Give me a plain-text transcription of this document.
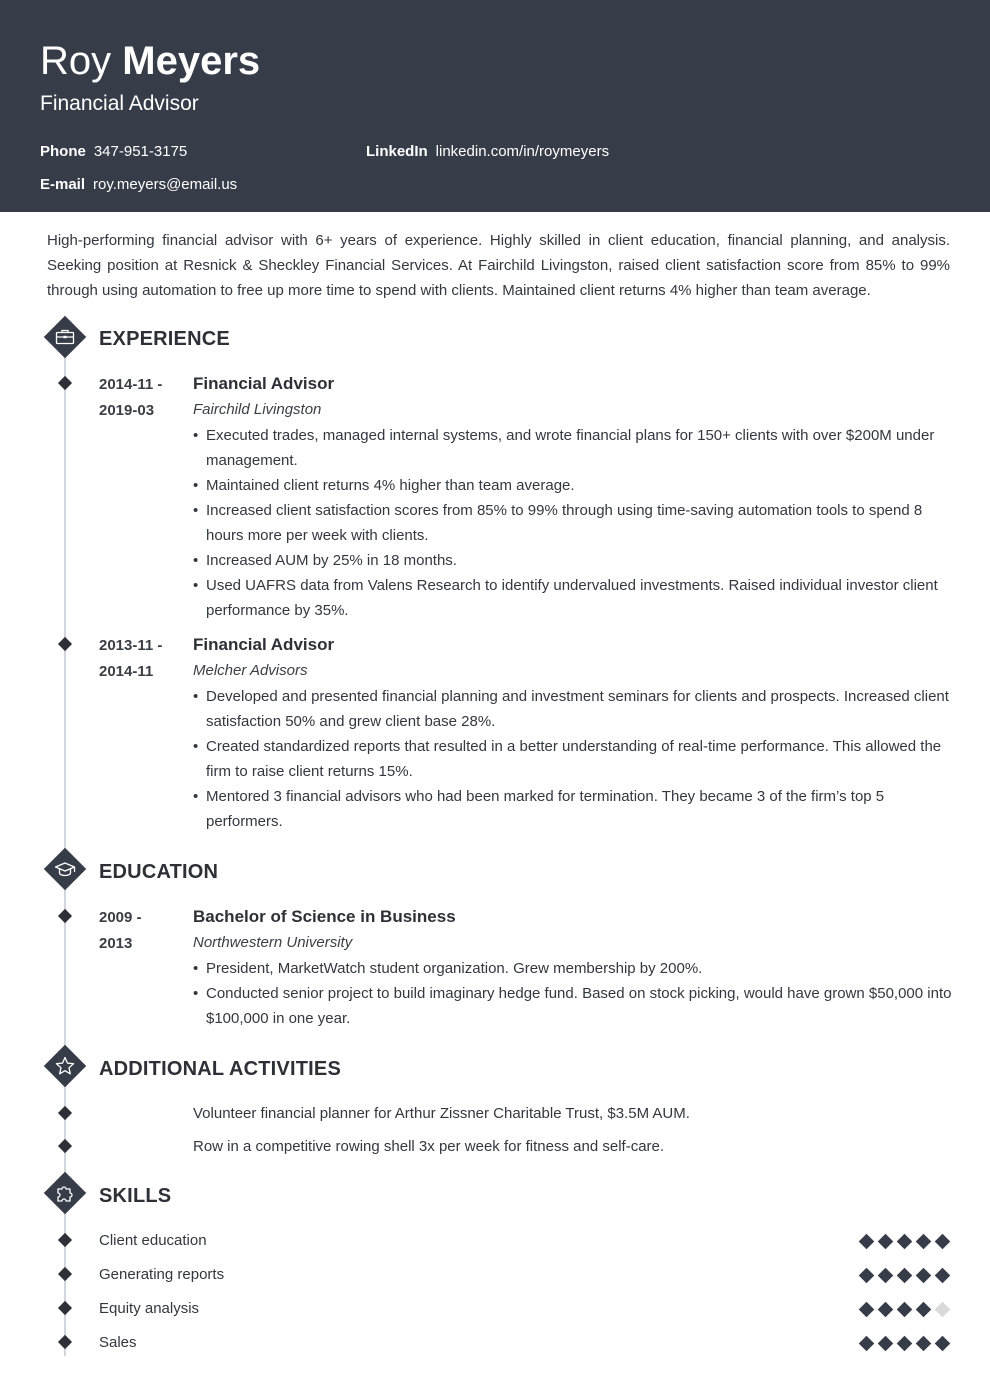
Roy Meyers
Financial Advisor
Phone 347-951-3175	LinkedIn linkedin.com/in/roymeyers
E-mail roy.meyers@email.us
High-performing financial advisor with 6+ years of experience. Highly skilled in client education, financial planning, and analysis. Seeking position at Resnick & Sheckley Financial Services. At Fairchild Livingston, raised client satisfaction score from 85% to 99% through using automation to free up more time to spend with clients. Maintained client returns 4% higher than team average.
EXPERIENCE
2014-11 -
2019-03
Financial Advisor
Fairchild Livingston
• Executed trades, managed internal systems, and wrote financial plans for 150+ clients with over $200M under management.
• Maintained client returns 4% higher than team average.
• Increased client satisfaction scores from 85% to 99% through using time-saving automation tools to spend 8 hours more per week with clients.
• Increased AUM by 25% in 18 months.
• Used UAFRS data from Valens Research to identify undervalued investments. Raised individual investor client performance by 35%.
2013-11 -
2014-11
Financial Advisor
Melcher Advisors
• Developed and presented financial planning and investment seminars for clients and prospects. Increased client satisfaction 50% and grew client base 28%.
• Created standardized reports that resulted in a better understanding of real-time performance. This allowed the firm to raise client returns 15%.
• Mentored 3 financial advisors who had been marked for termination. They became 3 of the firm’s top 5 performers.
EDUCATION
2009 -
2013
Bachelor of Science in Business
Northwestern University
• President, MarketWatch student organization. Grew membership by 200%.
• Conducted senior project to build imaginary hedge fund. Based on stock picking, would have grown $50,000 into $100,000 in one year.
ADDITIONAL ACTIVITIES
Volunteer financial planner for Arthur Zissner Charitable Trust, $3.5M AUM.
Row in a competitive rowing shell 3x per week for fitness and self-care.
SKILLS
Client education
Generating reports
Equity analysis
Sales
